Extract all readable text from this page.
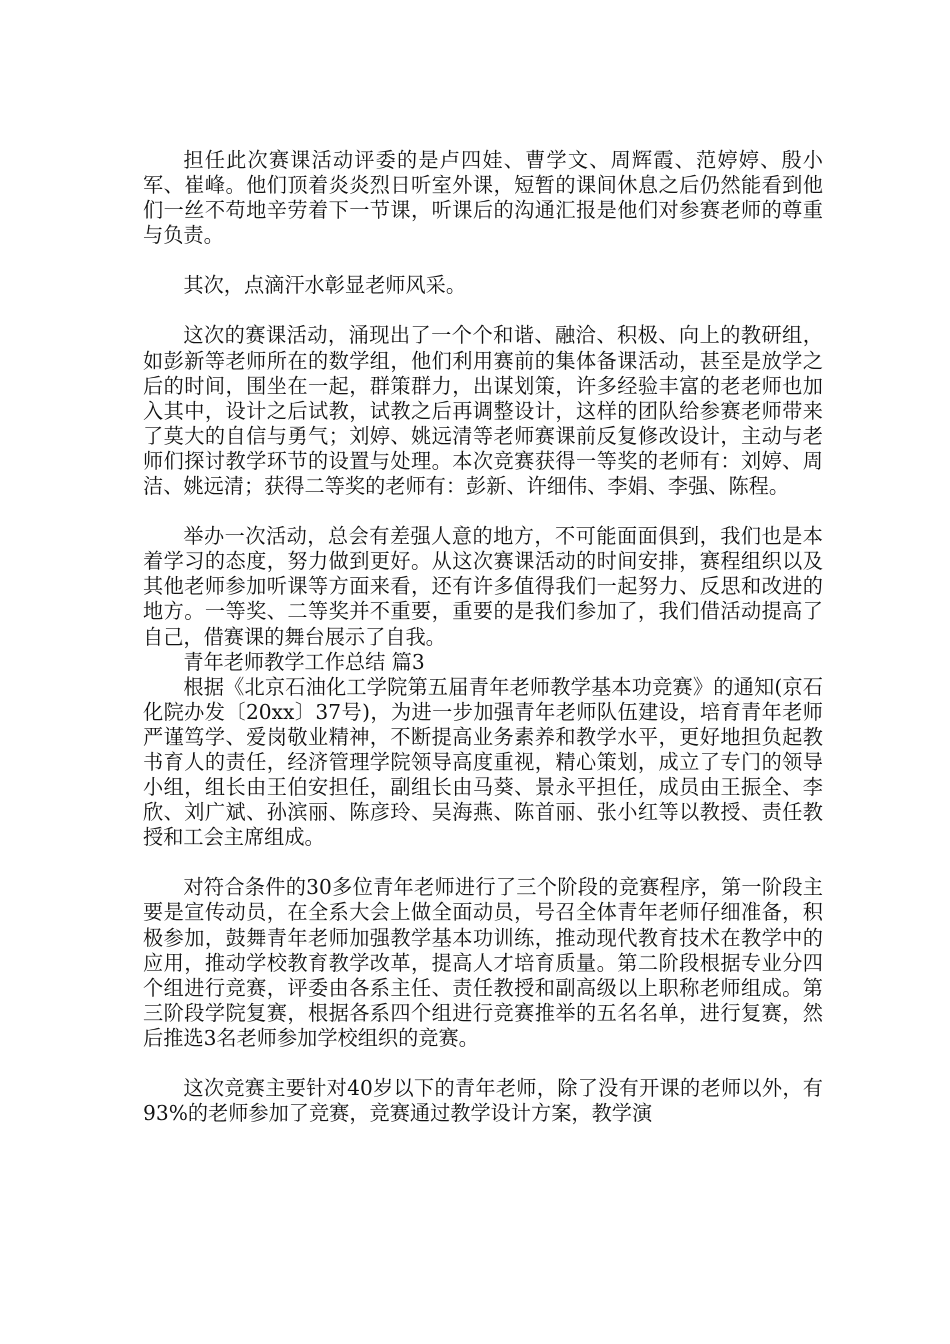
担任此次赛课活动评委的是卢四娃、曹学文、周辉霞、范婷婷、殷小军、崔峰。他们顶着炎炎烈日听室外课，短暂的课间休息之后仍然能看到他们一丝不苟地辛劳着下一节课，听课后的沟通汇报是他们对参赛老师的尊重与负责。

其次，点滴汗水彰显老师风采。

这次的赛课活动，涌现出了一个个和谐、融洽、积极、向上的教研组，如彭新等老师所在的数学组，他们利用赛前的集体备课活动，甚至是放学之后的时间，围坐在一起，群策群力，出谋划策，许多经验丰富的老老师也加入其中，设计之后试教，试教之后再调整设计，这样的团队给参赛老师带来了莫大的自信与勇气；刘婷、姚远清等老师赛课前反复修改设计，主动与老师们探讨教学环节的设置与处理。本次竞赛获得一等奖的老师有：刘婷、周洁、姚远清；获得二等奖的老师有：彭新、许细伟、李娟、李强、陈程。

举办一次活动，总会有差强人意的地方，不可能面面俱到，我们也是本着学习的态度，努力做到更好。从这次赛课活动的时间安排，赛程组织以及其他老师参加听课等方面来看，还有许多值得我们一起努力、反思和改进的地方。一等奖、二等奖并不重要，重要的是我们参加了，我们借活动提高了自己，借赛课的舞台展示了自我。

青年老师教学工作总结 篇3

根据《北京石油化工学院第五届青年老师教学基本功竞赛》的通知(京石化院办发〔20xx〕37号)，为进一步加强青年老师队伍建设，培育青年老师严谨笃学、爱岗敬业精神，不断提高业务素养和教学水平，更好地担负起教书育人的责任，经济管理学院领导高度重视，精心策划，成立了专门的领导小组，组长由王伯安担任，副组长由马葵、景永平担任，成员由王振全、李欣、刘广斌、孙滨丽、陈彦玲、吴海燕、陈首丽、张小红等以教授、责任教授和工会主席组成。

对符合条件的30多位青年老师进行了三个阶段的竞赛程序，第一阶段主要是宣传动员，在全系大会上做全面动员，号召全体青年老师仔细准备，积极参加，鼓舞青年老师加强教学基本功训练，推动现代教育技术在教学中的应用，推动学校教育教学改革，提高人才培育质量。第二阶段根据专业分四个组进行竞赛，评委由各系主任、责任教授和副高级以上职称老师组成。第三阶段学院复赛，根据各系四个组进行竞赛推举的五名名单，进行复赛，然后推选3名老师参加学校组织的竞赛。

这次竞赛主要针对40岁以下的青年老师，除了没有开课的老师以外，有93%的老师参加了竞赛，竞赛通过教学设计方案，教学演
